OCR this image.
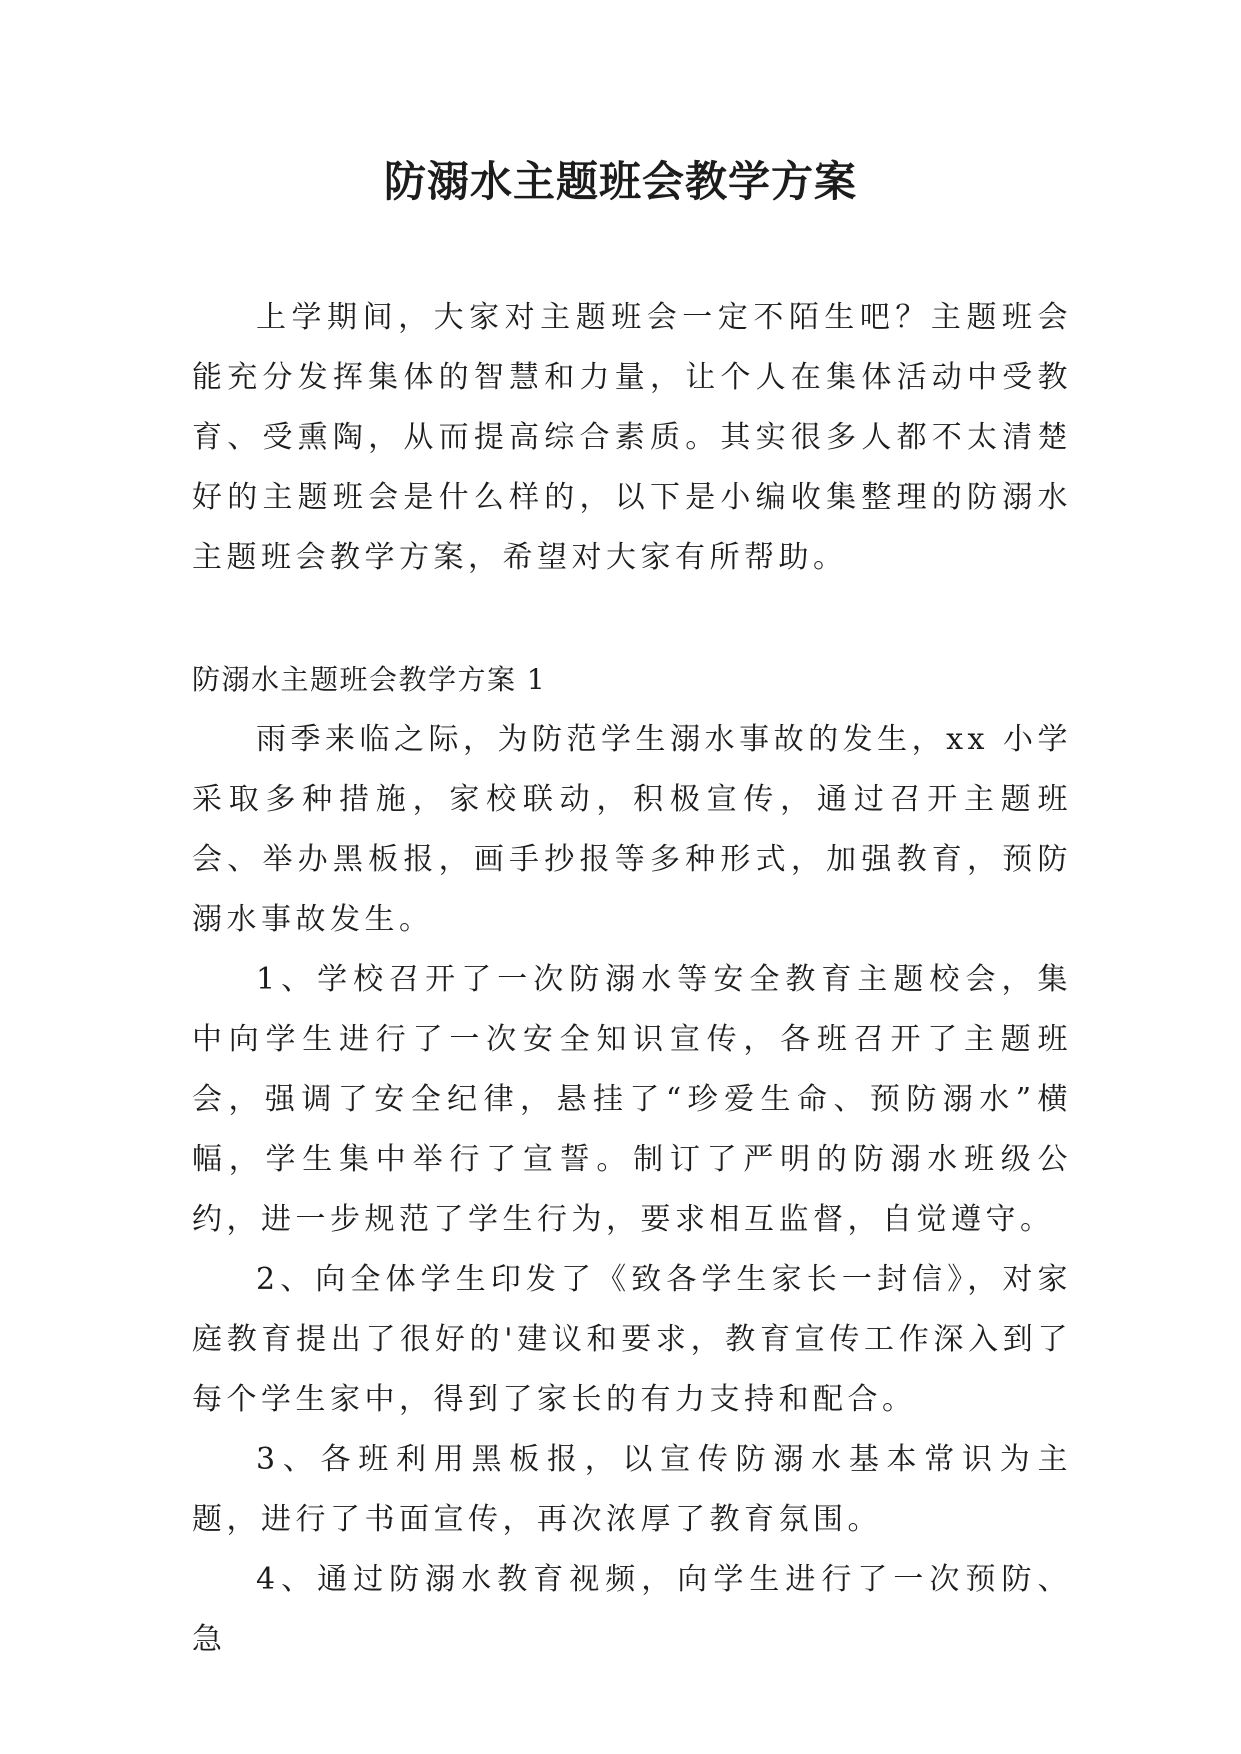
防溺水主题班会教学方案

上学期间，大家对主题班会一定不陌生吧？主题班会能充分发挥集体的智慧和力量，让个人在集体活动中受教育、受熏陶，从而提高综合素质。其实很多人都不太清楚好的主题班会是什么样的，以下是小编收集整理的防溺水主题班会教学方案，希望对大家有所帮助。

防溺水主题班会教学方案 1

雨季来临之际，为防范学生溺水事故的发生，xx 小学采取多种措施，家校联动，积极宣传，通过召开主题班会、举办黑板报，画手抄报等多种形式，加强教育，预防溺水事故发生。

1、学校召开了一次防溺水等安全教育主题校会，集中向学生进行了一次安全知识宣传，各班召开了主题班会，强调了安全纪律，悬挂了“珍爱生命、预防溺水”横幅，学生集中举行了宣誓。制订了严明的防溺水班级公约，进一步规范了学生行为，要求相互监督，自觉遵守。

2、向全体学生印发了《致各学生家长一封信》，对家庭教育提出了很好的'建议和要求，教育宣传工作深入到了每个学生家中，得到了家长的有力支持和配合。

3、各班利用黑板报，以宣传防溺水基本常识为主题，进行了书面宣传，再次浓厚了教育氛围。

4、通过防溺水教育视频，向学生进行了一次预防、急
